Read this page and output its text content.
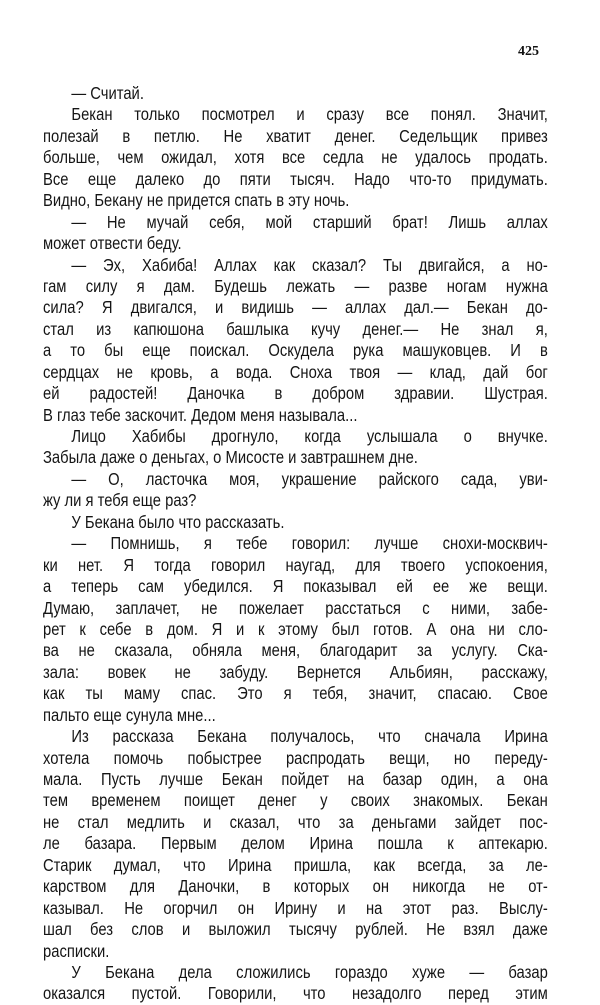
425
— Считай.
Бекан только посмотрел и сразу все понял. Значит,
полезай в петлю. Не хватит денег. Седельщик привез
больше, чем ожидал, хотя все седла не удалось продать.
Все еще далеко до пяти тысяч. Надо что-то придумать.
Видно, Бекану не придется спать в эту ночь.
— Не мучай себя, мой старший брат! Лишь аллах
может отвести беду.
— Эх, Хабиба! Аллах как сказал? Ты двигайся, а но-
гам силу я дам. Будешь лежать — разве ногам нужна
сила? Я двигался, и видишь — аллах дал.— Бекан до-
стал из капюшона башлыка кучу денег.— Не знал я,
а то бы еще поискал. Оскудела рука машуковцев. И в
сердцах не кровь, а вода. Сноха твоя — клад, дай бог
ей радостей! Даночка в добром здравии. Шустрая.
В глаз тебе заскочит. Дедом меня называла...
Лицо Хабибы дрогнуло, когда услышала о внучке.
Забыла даже о деньгах, о Мисосте и завтрашнем дне.
— О, ласточка моя, украшение райского сада, уви-
жу ли я тебя еще раз?
У Бекана было что рассказать.
— Помнишь, я тебе говорил: лучше снохи-москвич-
ки нет. Я тогда говорил наугад, для твоего успокоения,
а теперь сам убедился. Я показывал ей ее же вещи.
Думаю, заплачет, не пожелает расстаться с ними, забе-
рет к себе в дом. Я и к этому был готов. А она ни сло-
ва не сказала, обняла меня, благодарит за услугу. Ска-
зала: вовек не забуду. Вернется Альбиян, расскажу,
как ты маму спас. Это я тебя, значит, спасаю. Свое
пальто еще сунула мне...
Из рассказа Бекана получалось, что сначала Ирина
хотела помочь побыстрее распродать вещи, но переду-
мала. Пусть лучше Бекан пойдет на базар один, а она
тем временем поищет денег у своих знакомых. Бекан
не стал медлить и сказал, что за деньгами зайдет пос-
ле базара. Первым делом Ирина пошла к аптекарю.
Старик думал, что Ирина пришла, как всегда, за ле-
карством для Даночки, в которых он никогда не от-
казывал. Не огорчил он Ирину и на этот раз. Выслу-
шал без слов и выложил тысячу рублей. Не взял даже
расписки.
У Бекана дела сложились гораздо хуже — базар
оказался пустой. Говорили, что незадолго перед этим
